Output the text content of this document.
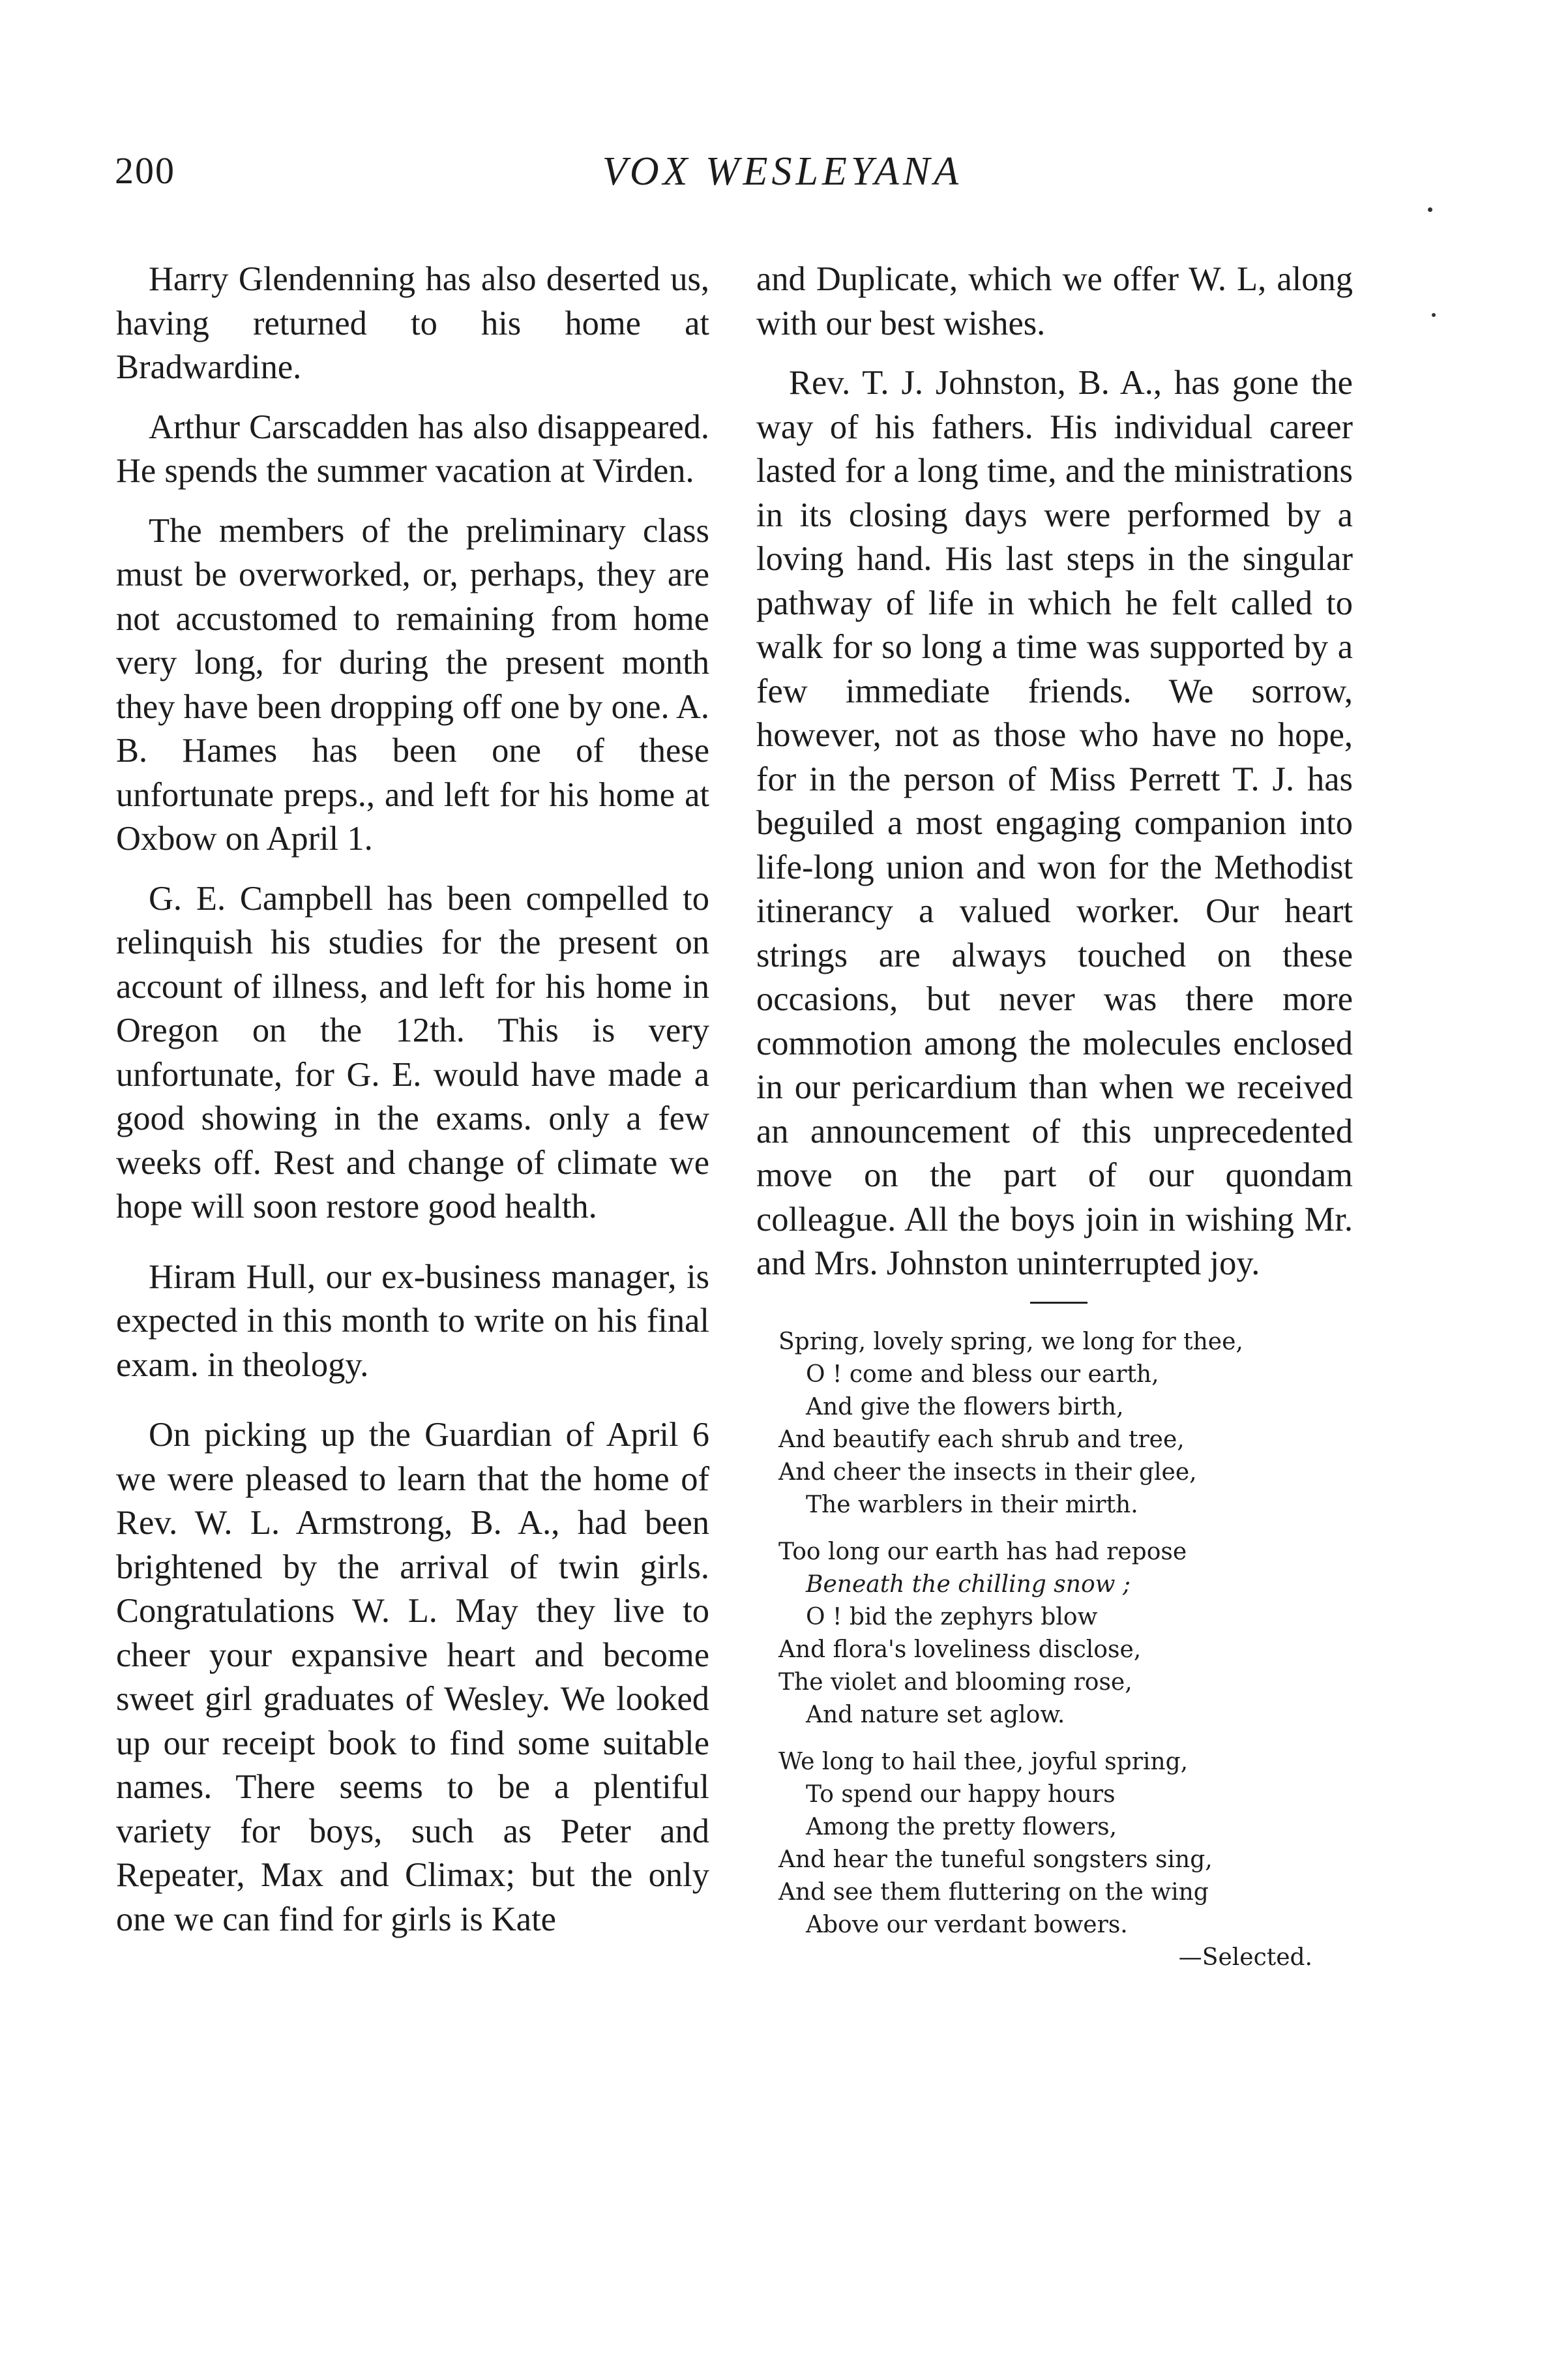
200	VOX WESLEYANA

Harry Glendenning has also deserted us, having returned to his home at Bradwardine.

Arthur Carscadden has also disappeared. He spends the summer vacation at Virden.

The members of the preliminary class must be overworked, or, perhaps, they are not accustomed to remaining from home very long, for during the present month they have been dropping off one by one. A. B. Hames has been one of these unfortunate preps., and left for his home at Oxbow on April 1.

G. E. Campbell has been compelled to relinquish his studies for the present on account of illness, and left for his home in Oregon on the 12th. This is very unfortunate, for G. E. would have made a good showing in the exams. only a few weeks off. Rest and change of climate we hope will soon restore good health.

Hiram Hull, our ex-business manager, is expected in this month to write on his final exam. in theology.

On picking up the Guardian of April 6 we were pleased to learn that the home of Rev. W. L. Armstrong, B. A., had been brightened by the arrival of twin girls. Congratulations W. L. May they live to cheer your expansive heart and become sweet girl graduates of Wesley. We looked up our receipt book to find some suitable names. There seems to be a plentiful variety for boys, such as Peter and Repeater, Max and Climax; but the only one we can find for girls is Kate

and Duplicate, which we offer W. L, along with our best wishes.

Rev. T. J. Johnston, B. A., has gone the way of his fathers. His individual career lasted for a long time, and the ministrations in its closing days were performed by a loving hand. His last steps in the singular pathway of life in which he felt called to walk for so long a time was supported by a few immediate friends. We sorrow, however, not as those who have no hope, for in the person of Miss Perrett T. J. has beguiled a most engaging companion into life-long union and won for the Methodist itinerancy a valued worker. Our heart strings are always touched on these occasions, but never was there more commotion among the molecules enclosed in our pericardium than when we received an announcement of this unprecedented move on the part of our quondam colleague. All the boys join in wishing Mr. and Mrs. Johnston uninterrupted joy.

Spring, lovely spring, we long for thee,
O ! come and bless our earth,
And give the flowers birth,
And beautify each shrub and tree,
And cheer the insects in their glee,
The warblers in their mirth.
Too long our earth has had repose
Beneath the chilling snow ;
O ! bid the zephyrs blow
And flora's loveliness disclose,
The violet and blooming rose,
And nature set aglow.
We long to hail thee, joyful spring,
To spend our happy hours
Among the pretty flowers,
And hear the tuneful songsters sing,
And see them fluttering on the wing
Above our verdant bowers.
—Selected.
